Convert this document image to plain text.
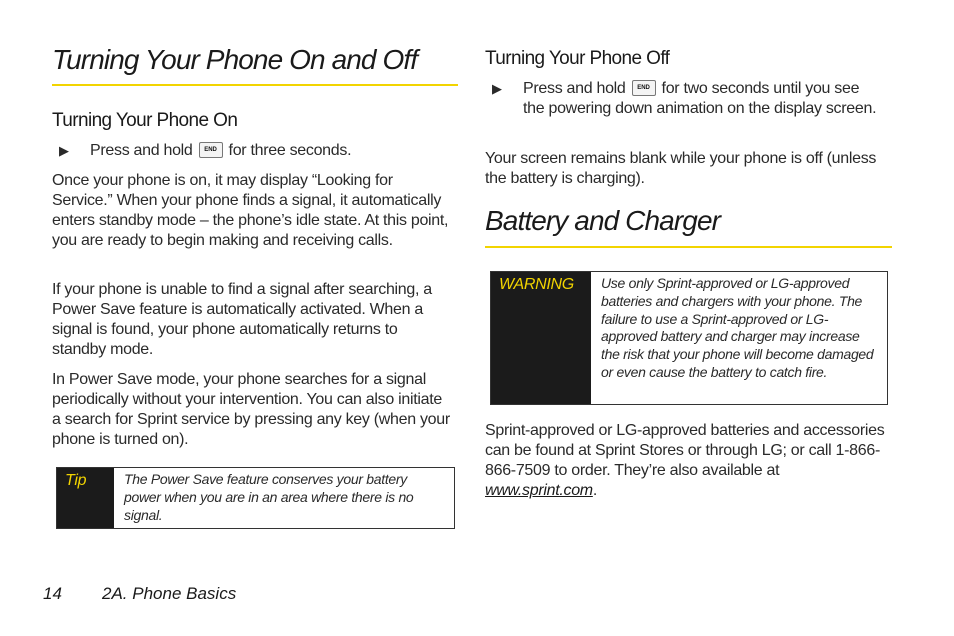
Turning Your Phone On and Off
Turning Your Phone On
▶ Press and hold END for three seconds.

Once your phone is on, it may display “Looking for Service.” When your phone finds a signal, it automatically enters standby mode – the phone’s idle state. At this point, you are ready to begin making and receiving calls.

If your phone is unable to find a signal after searching, a Power Save feature is automatically activated. When a signal is found, your phone automatically returns to standby mode.

In Power Save mode, your phone searches for a signal periodically without your intervention. You can also initiate a search for Sprint service by pressing any key (when your phone is turned on).

Tip	The Power Save feature conserves your battery power when you are in an area where there is no signal.
Turning Your Phone Off
▶ Press and hold END for two seconds until you see the powering down animation on the display screen.

Your screen remains blank while your phone is off (unless the battery is charging).

Battery and Charger
WARNING	Use only Sprint-approved or LG-approved batteries and chargers with your phone. The failure to use a Sprint-approved or LG-approved battery and charger may increase the risk that your phone will become damaged or even cause the battery to catch fire.

Sprint-approved or LG-approved batteries and accessories can be found at Sprint Stores or through LG; or call 1-866-866-7509 to order. They’re also available at www.sprint.com.

14 2A. Phone Basics
